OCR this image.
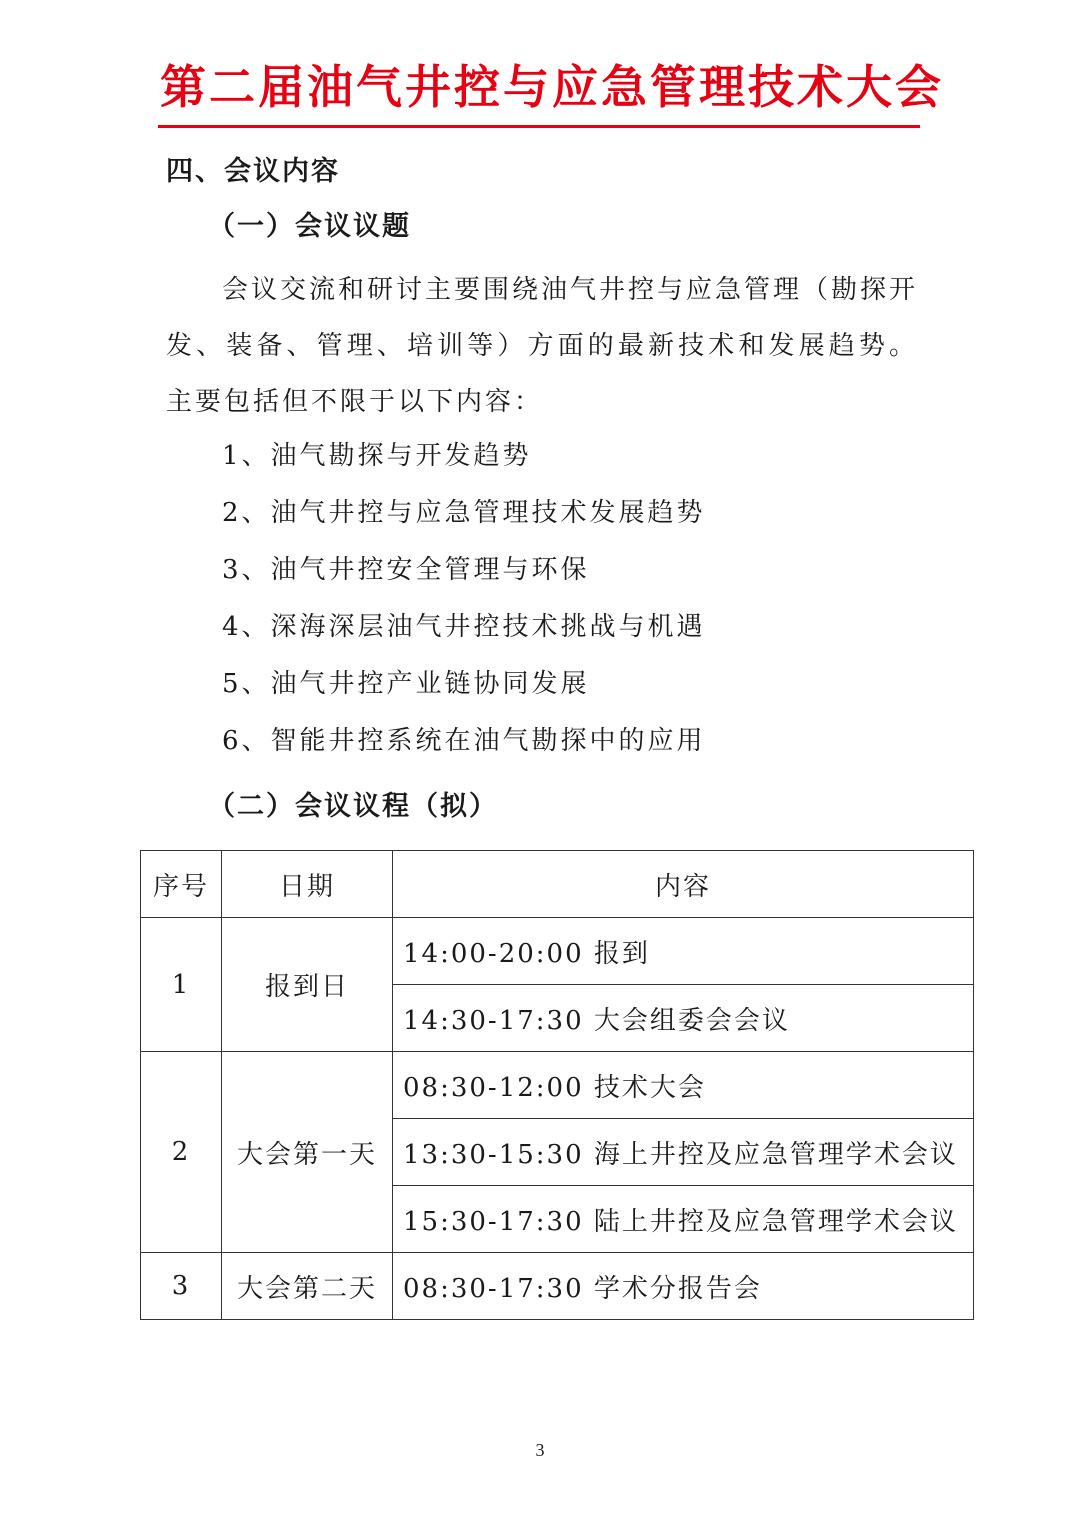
第二届油气井控与应急管理技术大会
四、会议内容
（一）会议议题
会议交流和研讨主要围绕油气井控与应急管理（勘探开发、装备、管理、培训等）方面的最新技术和发展趋势。主要包括但不限于以下内容：
1、油气勘探与开发趋势
2、油气井控与应急管理技术发展趋势
3、油气井控安全管理与环保
4、深海深层油气井控技术挑战与机遇
5、油气井控产业链协同发展
6、智能井控系统在油气勘探中的应用
（二）会议议程（拟）
序号	日期	内容
1	报到日	14:00-20:00 报到
		14:30-17:30 大会组委会会议
2	大会第一天	08:30-12:00 技术大会
		13:30-15:30 海上井控及应急管理学术会议
		15:30-17:30 陆上井控及应急管理学术会议
3	大会第二天	08:30-17:30 学术分报告会
3
